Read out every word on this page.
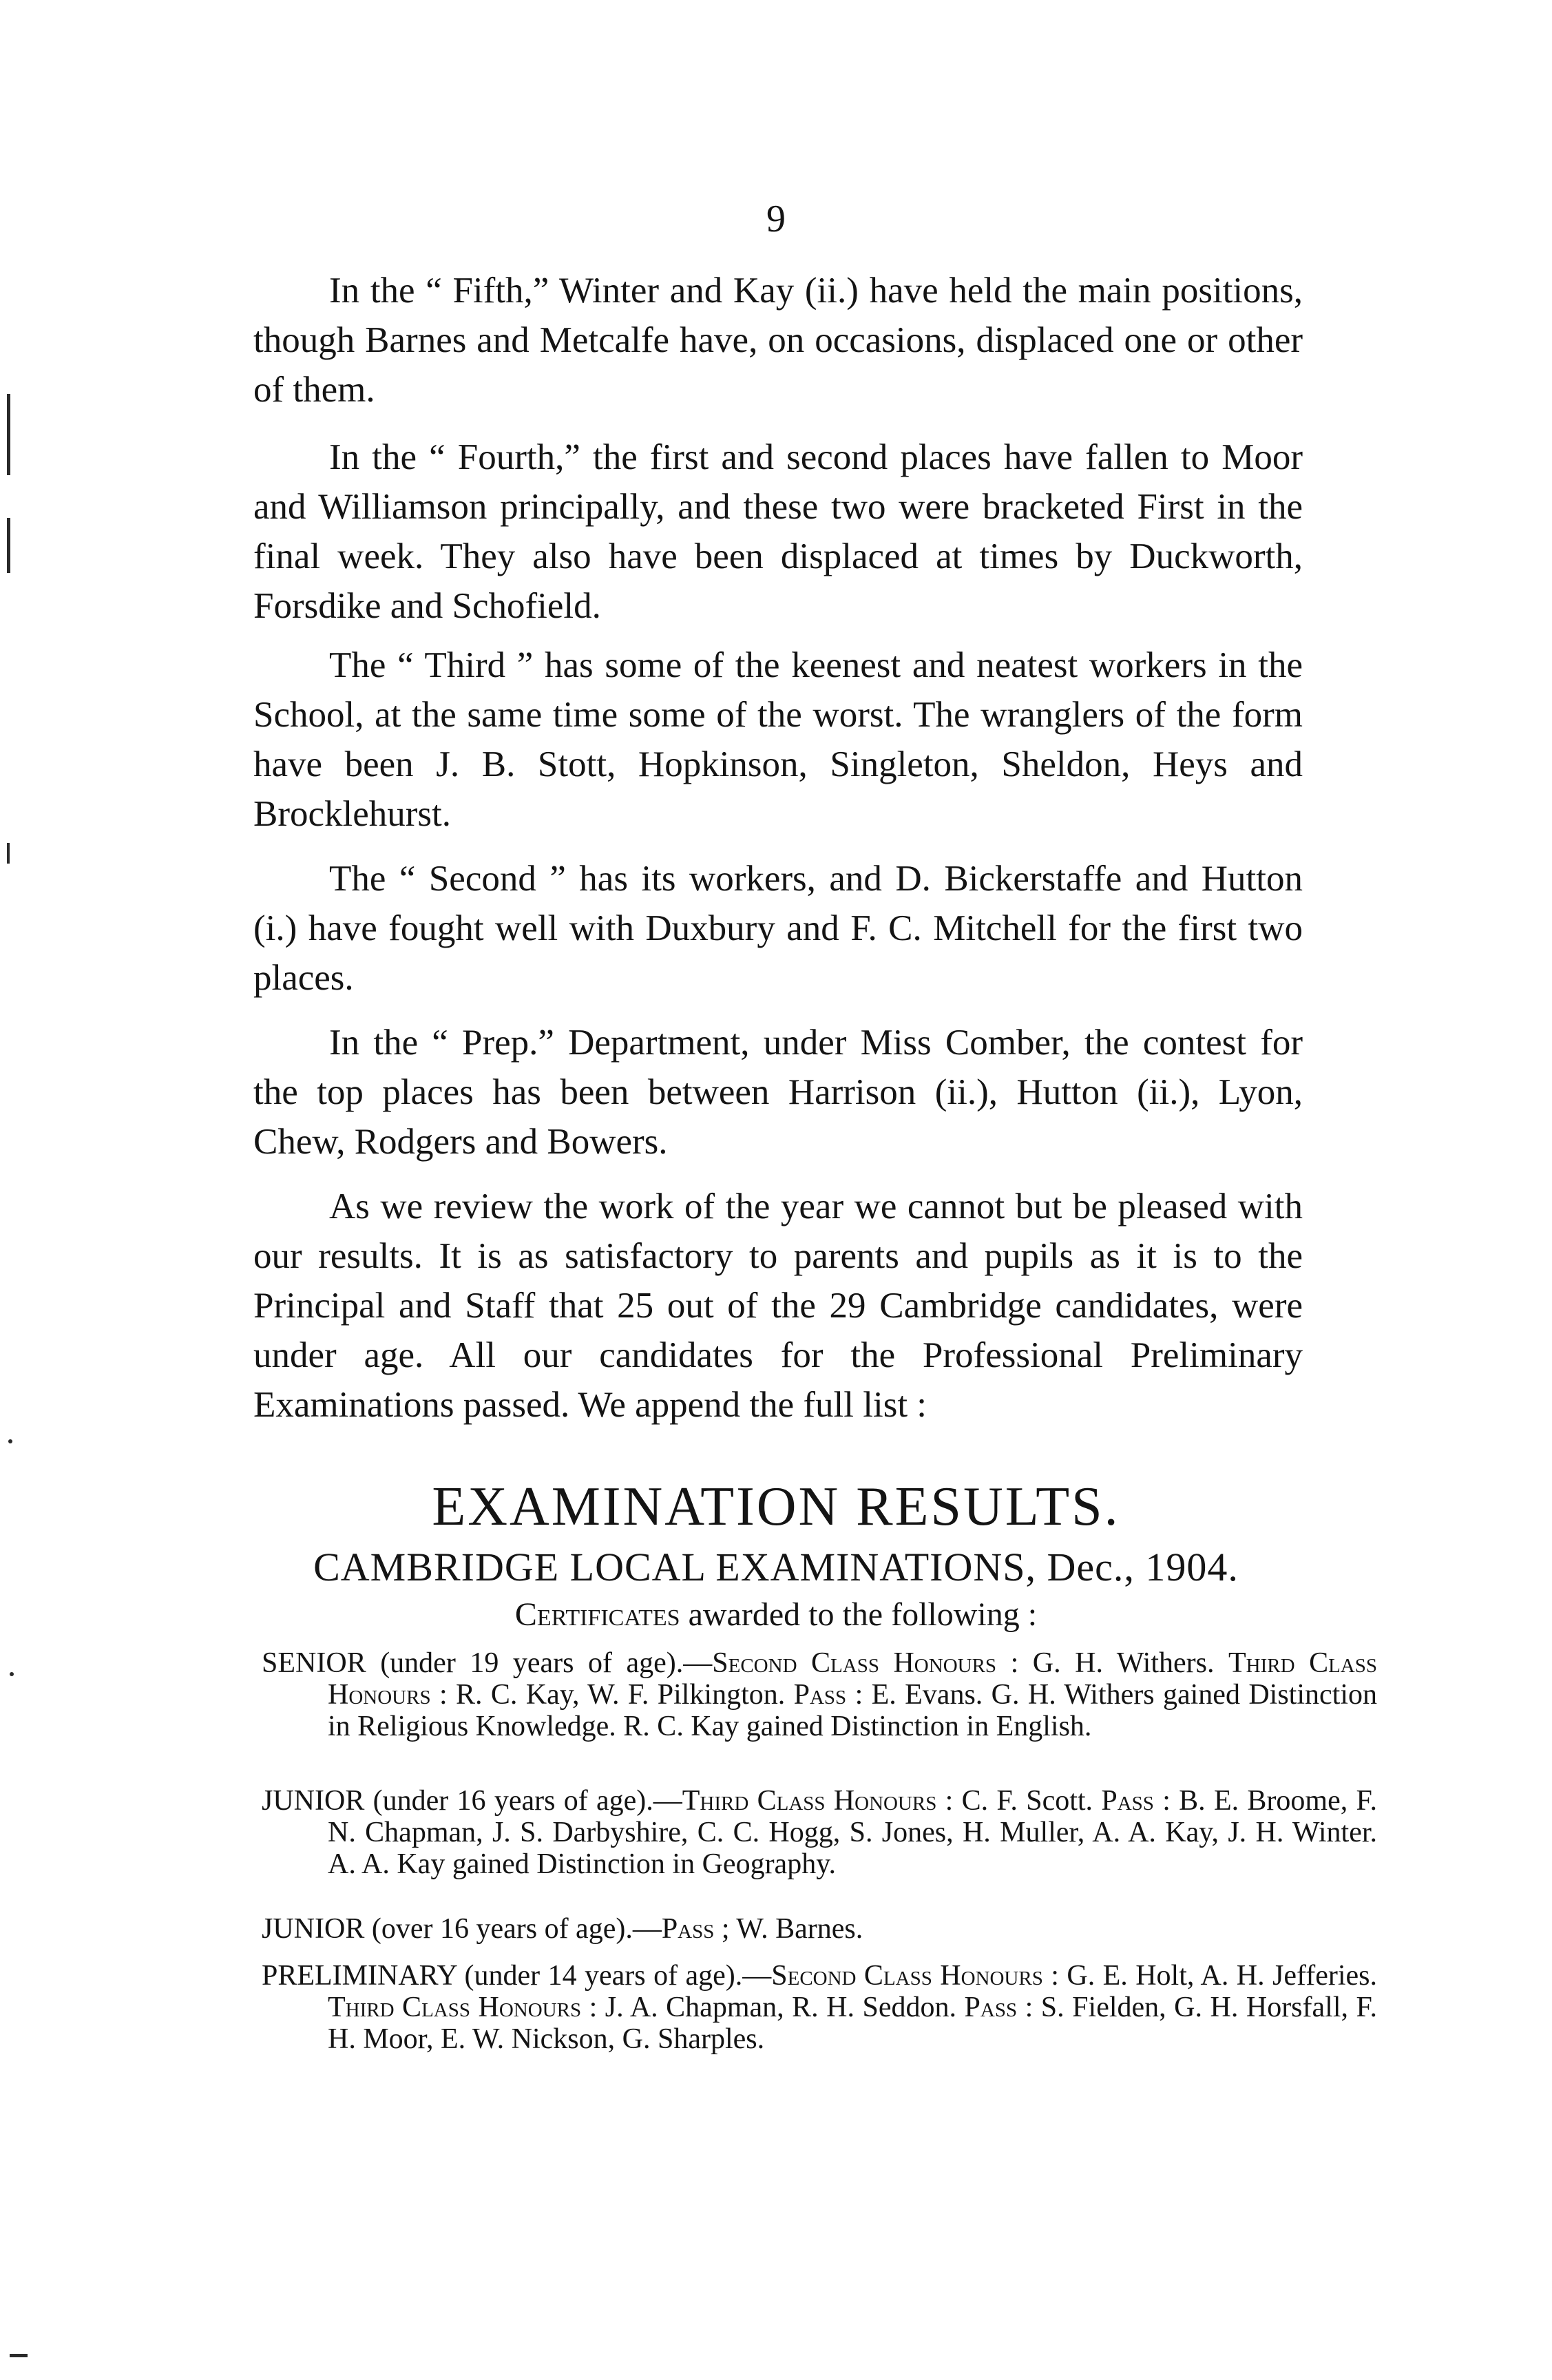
9

In the “ Fifth,” Winter and Kay (ii.) have held the main positions, though Barnes and Metcalfe have, on occasions, displaced one or other of them.

In the “ Fourth,” the first and second places have fallen to Moor and Williamson principally, and these two were bracketed First in the final week. They also have been displaced at times by Duckworth, Forsdike and Schofield.

The “ Third ” has some of the keenest and neatest workers in the School, at the same time some of the worst. The wranglers of the form have been J. B. Stott, Hopkinson, Singleton, Sheldon, Heys and Brocklehurst.

The “ Second ” has its workers, and D. Bickerstaffe and Hutton (i.) have fought well with Duxbury and F. C. Mitchell for the first two places.

In the “ Prep.” Department, under Miss Comber, the contest for the top places has been between Harrison (ii.), Hutton (ii.), Lyon, Chew, Rodgers and Bowers.

As we review the work of the year we cannot but be pleased with our results. It is as satisfactory to parents and pupils as it is to the Principal and Staff that 25 out of the 29 Cambridge candidates, were under age. All our candidates for the Professional Preliminary Examinations passed. We append the full list :

EXAMINATION RESULTS.
CAMBRIDGE LOCAL EXAMINATIONS, Dec., 1904.
Certificates awarded to the following :

SENIOR (under 19 years of age).—Second Class Honours : G. H. Withers. Third Class Honours : R. C. Kay, W. F. Pilkington. Pass : E. Evans. G. H. Withers gained Distinction in Religious Knowledge. R. C. Kay gained Distinction in English.

JUNIOR (under 16 years of age).—Third Class Honours : C. F. Scott. Pass : B. E. Broome, F. N. Chapman, J. S. Darbyshire, C. C. Hogg, S. Jones, H. Muller, A. A. Kay, J. H. Winter. A. A. Kay gained Distinction in Geography.

JUNIOR (over 16 years of age).—Pass ; W. Barnes.

PRELIMINARY (under 14 years of age).—Second Class Honours : G. E. Holt, A. H. Jefferies. Third Class Honours : J. A. Chapman, R. H. Seddon. Pass : S. Fielden, G. H. Horsfall, F. H. Moor, E. W. Nickson, G. Sharples.
